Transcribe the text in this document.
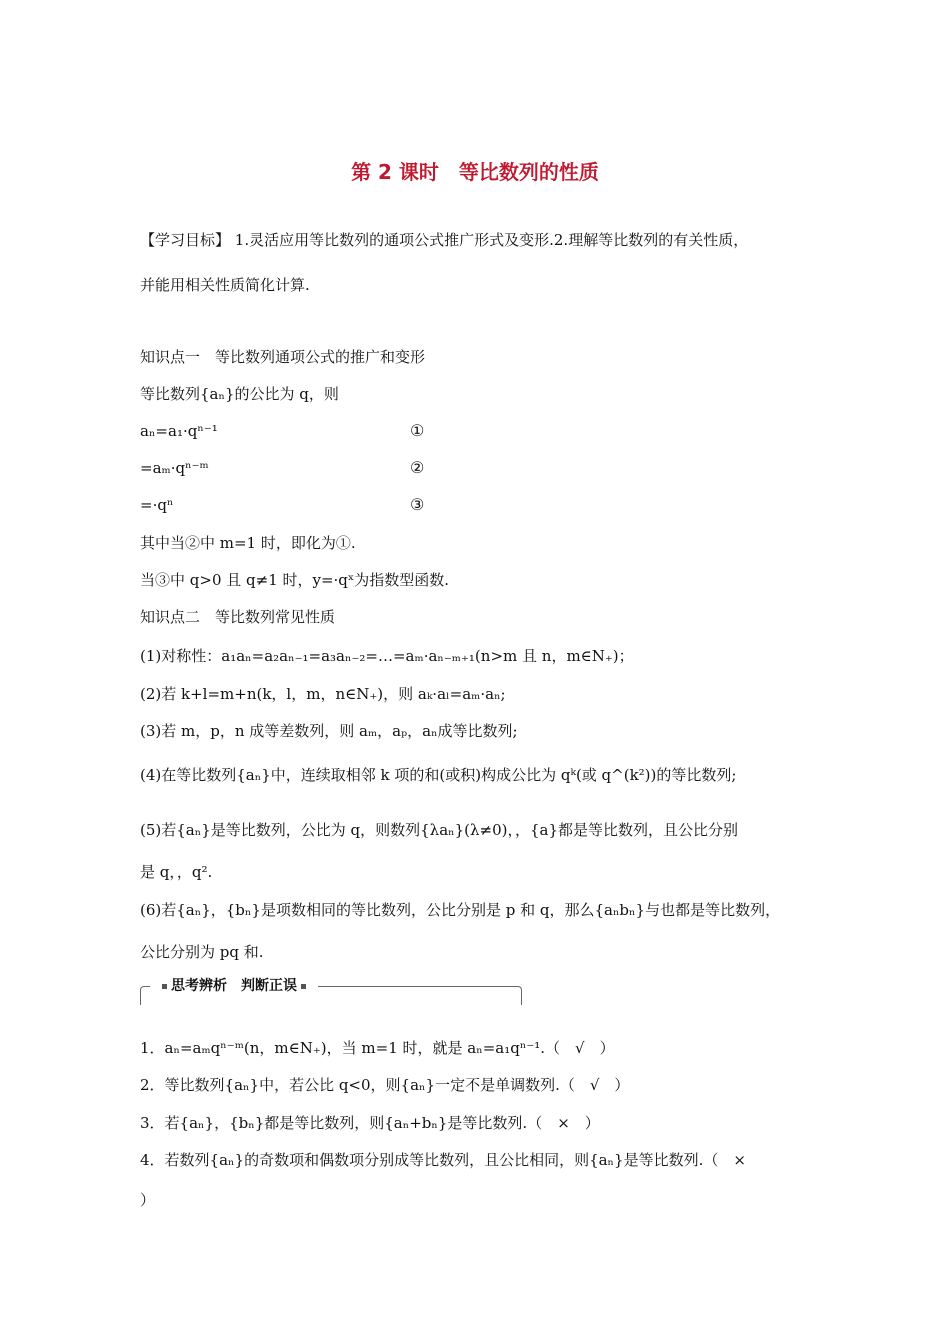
第 2 课时　等比数列的性质
【学习目标】 1.灵活应用等比数列的通项公式推广形式及变形.2.理解等比数列的有关性质，
并能用相关性质简化计算.
知识点一　等比数列通项公式的推广和变形
等比数列{aₙ}的公比为 q，则
aₙ=a₁·qⁿ⁻¹	①
=aₘ·qⁿ⁻ᵐ	②
=·qⁿ	③
其中当②中 m=1 时，即化为①.
当③中 q>0 且 q≠1 时，y=·qˣ为指数型函数.
知识点二　等比数列常见性质
(1)对称性：a₁aₙ=a₂aₙ₋₁=a₃aₙ₋₂=…=aₘ·aₙ₋ₘ₊₁(n>m 且 n，m∈N₊)；
(2)若 k+l=m+n(k，l，m，n∈N₊)，则 aₖ·aₗ=aₘ·aₙ;
(3)若 m，p，n 成等差数列，则 aₘ，aₚ，aₙ成等比数列;
(4)在等比数列{aₙ}中，连续取相邻 k 项的和(或积)构成公比为 qᵏ(或 q^(k²))的等比数列;
(5)若{aₙ}是等比数列，公比为 q，则数列{λaₙ}(λ≠0)，，{a}都是等比数列，且公比分别
是 q，，q².
(6)若{aₙ}，{bₙ}是项数相同的等比数列，公比分别是 p 和 q，那么{aₙbₙ}与也都是等比数列，
公比分别为 pq 和.
思考辨析　判断正误
1．aₙ=aₘqⁿ⁻ᵐ(n，m∈N₊)，当 m=1 时，就是 aₙ=a₁qⁿ⁻¹.（　√　）
2．等比数列{aₙ}中，若公比 q<0，则{aₙ}一定不是单调数列.（　√　）
3．若{aₙ}，{bₙ}都是等比数列，则{aₙ+bₙ}是等比数列.（　×　）
4．若数列{aₙ}的奇数项和偶数项分别成等比数列，且公比相同，则{aₙ}是等比数列.（　×
）
